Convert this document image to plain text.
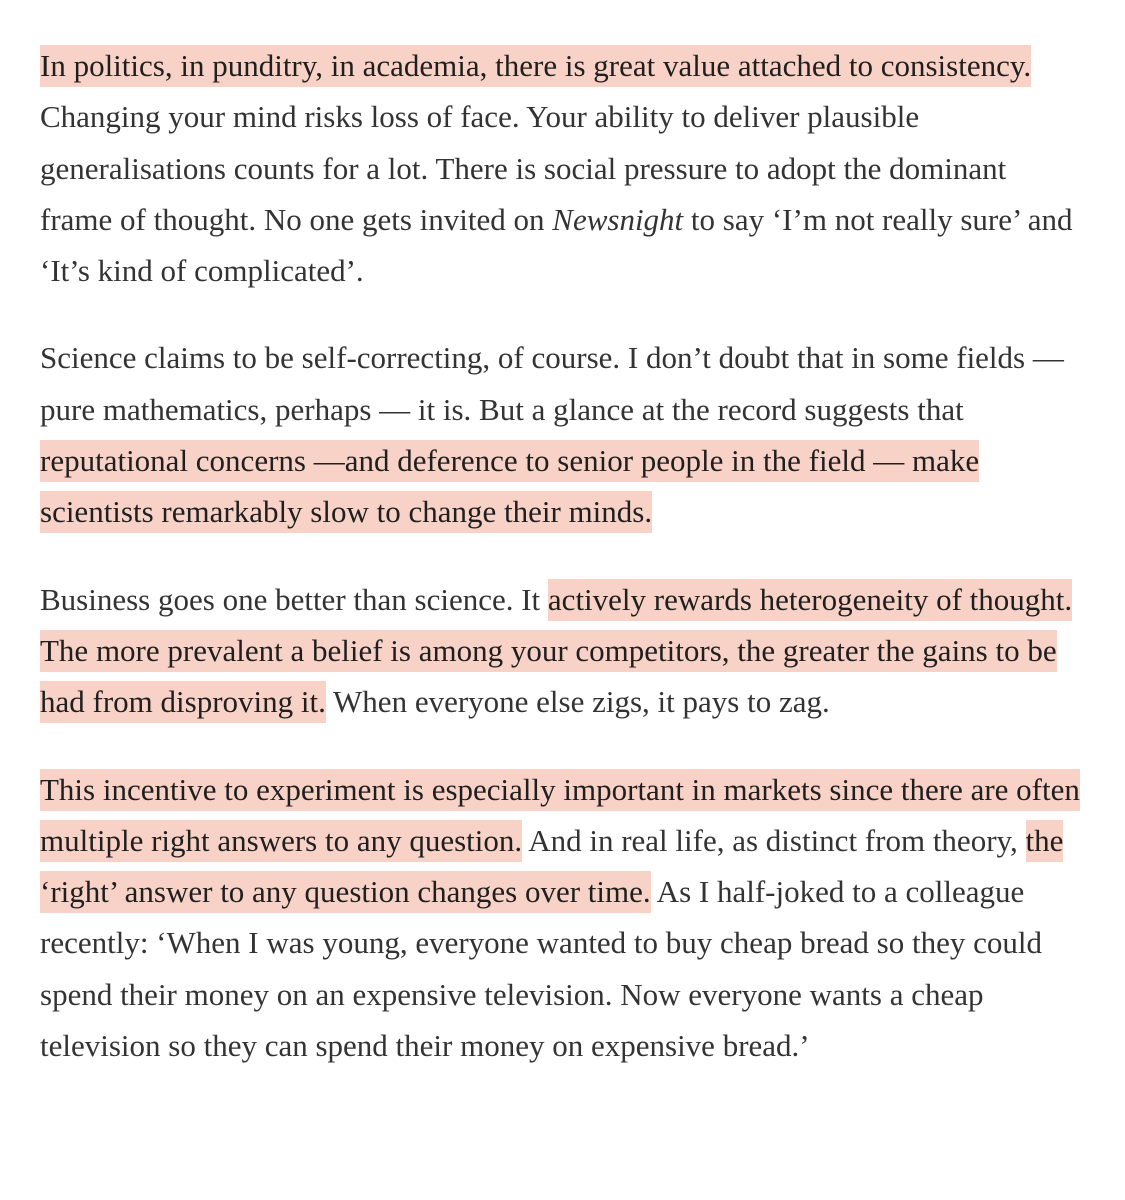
In politics, in punditry, in academia, there is great value attached to consistency. Changing your mind risks loss of face. Your ability to deliver plausible generalisations counts for a lot. There is social pressure to adopt the dominant frame of thought. No one gets invited on Newsnight to say ‘I’m not really sure’ and ‘It’s kind of complicated’.

Science claims to be self-correcting, of course. I don’t doubt that in some fields — pure mathematics, perhaps — it is. But a glance at the record suggests that reputational concerns —and deference to senior people in the field — make scientists remarkably slow to change their minds.

Business goes one better than science. It actively rewards heterogeneity of thought. The more prevalent a belief is among your competitors, the greater the gains to be had from disproving it. When everyone else zigs, it pays to zag.

This incentive to experiment is especially important in markets since there are often multiple right answers to any question. And in real life, as distinct from theory, the ‘right’ answer to any question changes over time. As I half-joked to a colleague recently: ‘When I was young, everyone wanted to buy cheap bread so they could spend their money on an expensive television. Now everyone wants a cheap television so they can spend their money on expensive bread.’
